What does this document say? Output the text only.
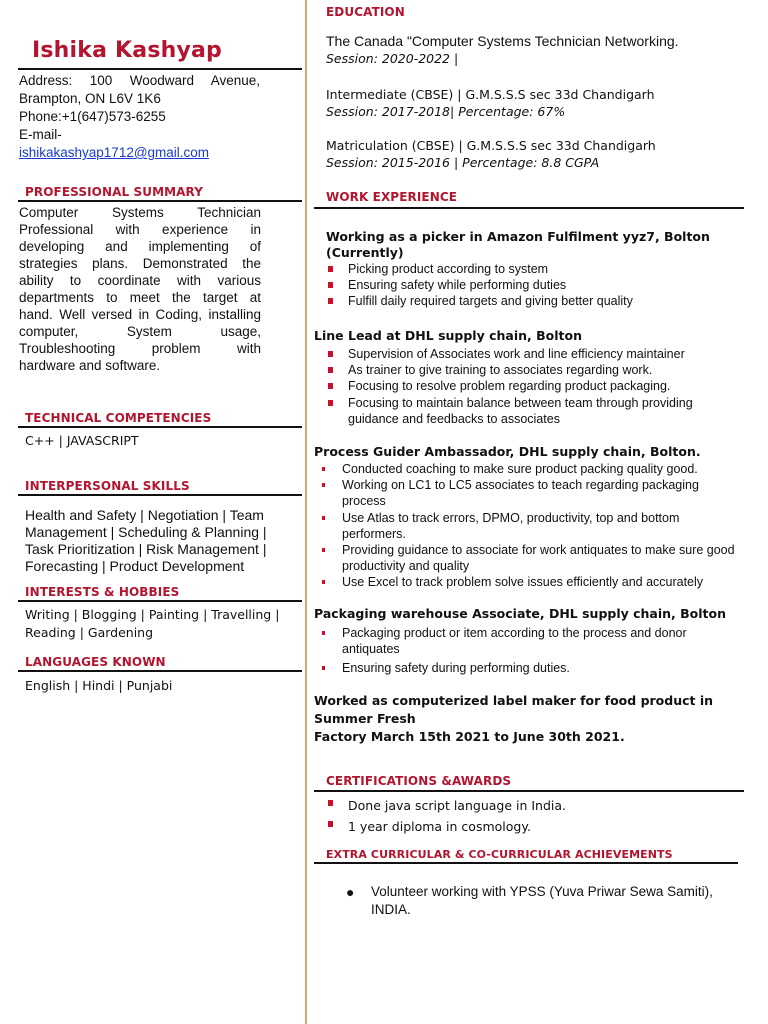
Ishika Kashyap
Address: 100 Woodward Avenue,
Brampton, ON L6V 1K6
Phone:+1(647)573-6255
E-mail-
ishikakashyap1712@gmail.com
PROFESSIONAL SUMMARY
Computer Systems Technician
Professional with experience in
developing and implementing of
strategies plans. Demonstrated the
ability to coordinate with various
departments to meet the target at
hand. Well versed in Coding, installing
computer, System usage,
Troubleshooting problem with
hardware and software.
TECHNICAL COMPETENCIES
C++ | JAVASCRIPT
INTERPERSONAL SKILLS
Health and Safety | Negotiation | Team
Management | Scheduling & Planning |
Task Prioritization | Risk Management |
Forecasting | Product Development
INTERESTS & HOBBIES
Writing | Blogging | Painting | Travelling |
Reading | Gardening
LANGUAGES KNOWN
English | Hindi | Punjabi
EDUCATION
The Canada "Computer Systems Technician Networking.
Session: 2020-2022 |
Intermediate (CBSE) | G.M.S.S.S sec 33d Chandigarh
Session: 2017-2018| Percentage: 67%
Matriculation (CBSE) | G.M.S.S.S sec 33d Chandigarh
Session: 2015-2016 | Percentage: 8.8 CGPA
WORK EXPERIENCE
Working as a picker in Amazon Fulfilment yyz7, Bolton
(Currently)
Picking product according to system
Ensuring safety while performing duties
Fulfill daily required targets and giving better quality
Line Lead at DHL supply chain, Bolton
Supervision of Associates work and line efficiency maintainer
As trainer to give training to associates regarding work.
Focusing to resolve problem regarding product packaging.
Focusing to maintain balance between team through providing guidance and feedbacks to associates
Process Guider Ambassador, DHL supply chain, Bolton.
Conducted coaching to make sure product packing quality good.
Working on LC1 to LC5 associates to teach regarding packaging process
Use Atlas to track errors, DPMO, productivity, top and bottom performers.
Providing guidance to associate for work antiquates to make sure good productivity and quality
Use Excel to track problem solve issues efficiently and accurately
Packaging warehouse Associate, DHL supply chain, Bolton
Packaging product or item according to the process and donor antiquates
Ensuring safety during performing duties.
Worked as computerized label maker for food product in Summer Fresh
Factory March 15th 2021 to June 30th 2021.
CERTIFICATIONS &AWARDS
Done java script language in India.
1 year diploma in cosmology.
EXTRA CURRICULAR & CO-CURRICULAR ACHIEVEMENTS
● Volunteer working with YPSS (Yuva Priwar Sewa Samiti),
INDIA.
